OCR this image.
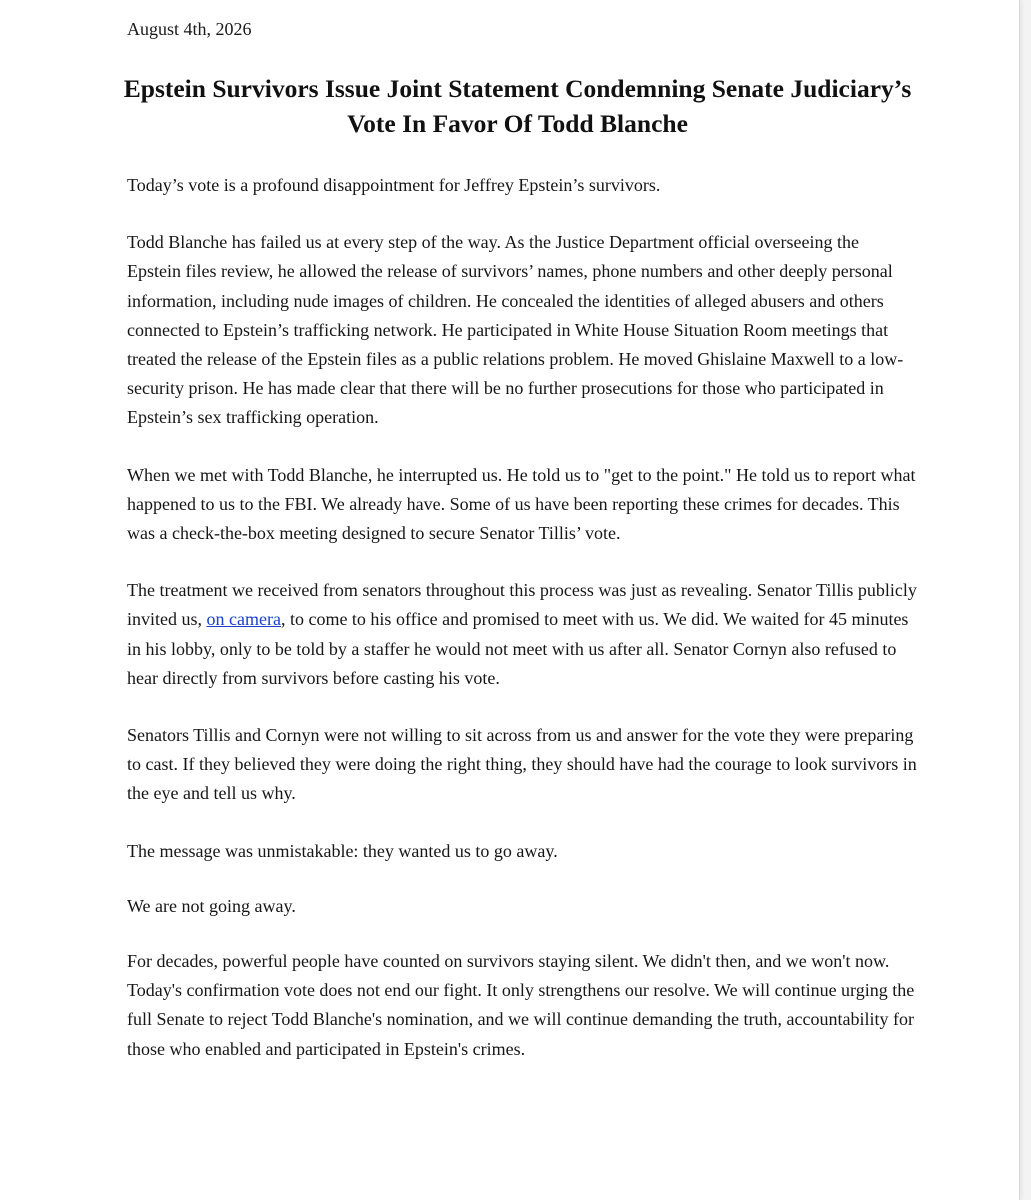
August 4th, 2026

Epstein Survivors Issue Joint Statement Condemning Senate Judiciary’s Vote In Favor Of Todd Blanche

Today’s vote is a profound disappointment for Jeffrey Epstein’s survivors.

Todd Blanche has failed us at every step of the way. As the Justice Department official overseeing the Epstein files review, he allowed the release of survivors’ names, phone numbers and other deeply personal information, including nude images of children. He concealed the identities of alleged abusers and others connected to Epstein’s trafficking network. He participated in White House Situation Room meetings that treated the release of the Epstein files as a public relations problem. He moved Ghislaine Maxwell to a low-security prison. He has made clear that there will be no further prosecutions for those who participated in Epstein’s sex trafficking operation.

When we met with Todd Blanche, he interrupted us. He told us to "get to the point." He told us to report what happened to us to the FBI. We already have. Some of us have been reporting these crimes for decades. This was a check-the-box meeting designed to secure Senator Tillis’ vote.

The treatment we received from senators throughout this process was just as revealing. Senator Tillis publicly invited us, on camera, to come to his office and promised to meet with us. We did. We waited for 45 minutes in his lobby, only to be told by a staffer he would not meet with us after all. Senator Cornyn also refused to hear directly from survivors before casting his vote.

Senators Tillis and Cornyn were not willing to sit across from us and answer for the vote they were preparing to cast. If they believed they were doing the right thing, they should have had the courage to look survivors in the eye and tell us why.

The message was unmistakable: they wanted us to go away.

We are not going away.

For decades, powerful people have counted on survivors staying silent. We didn't then, and we won't now. Today's confirmation vote does not end our fight. It only strengthens our resolve. We will continue urging the full Senate to reject Todd Blanche's nomination, and we will continue demanding the truth, accountability for those who enabled and participated in Epstein's crimes.
